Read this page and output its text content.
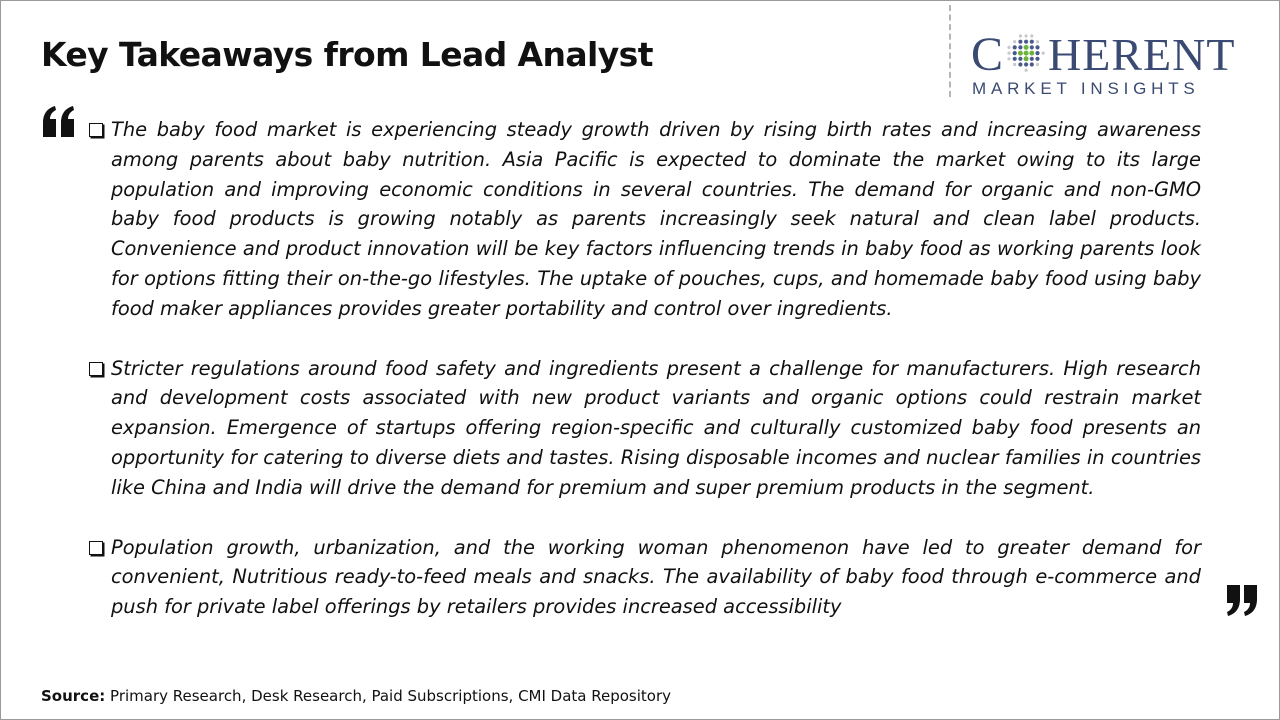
Key Takeaways from Lead Analyst	C HERENT
MARKET INSIGHTS

The baby food market is experiencing steady growth driven by rising birth rates and increasing awareness among parents about baby nutrition. Asia Pacific is expected to dominate the market owing to its large population and improving economic conditions in several countries. The demand for organic and non-GMO baby food products is growing notably as parents increasingly seek natural and clean label products. Convenience and product innovation will be key factors influencing trends in baby food as working parents look for options fitting their on-the-go lifestyles. The uptake of pouches, cups, and homemade baby food using baby food maker appliances provides greater portability and control over ingredients.

Stricter regulations around food safety and ingredients present a challenge for manufacturers. High research and development costs associated with new product variants and organic options could restrain market expansion. Emergence of startups offering region-specific and culturally customized baby food presents an opportunity for catering to diverse diets and tastes. Rising disposable incomes and nuclear families in countries like China and India will drive the demand for premium and super premium products in the segment.

Population growth, urbanization, and the working woman phenomenon have led to greater demand for convenient, Nutritious ready-to-feed meals and snacks. The availability of baby food through e-commerce and push for private label offerings by retailers provides increased accessibility

Source: Primary Research, Desk Research, Paid Subscriptions, CMI Data Repository
